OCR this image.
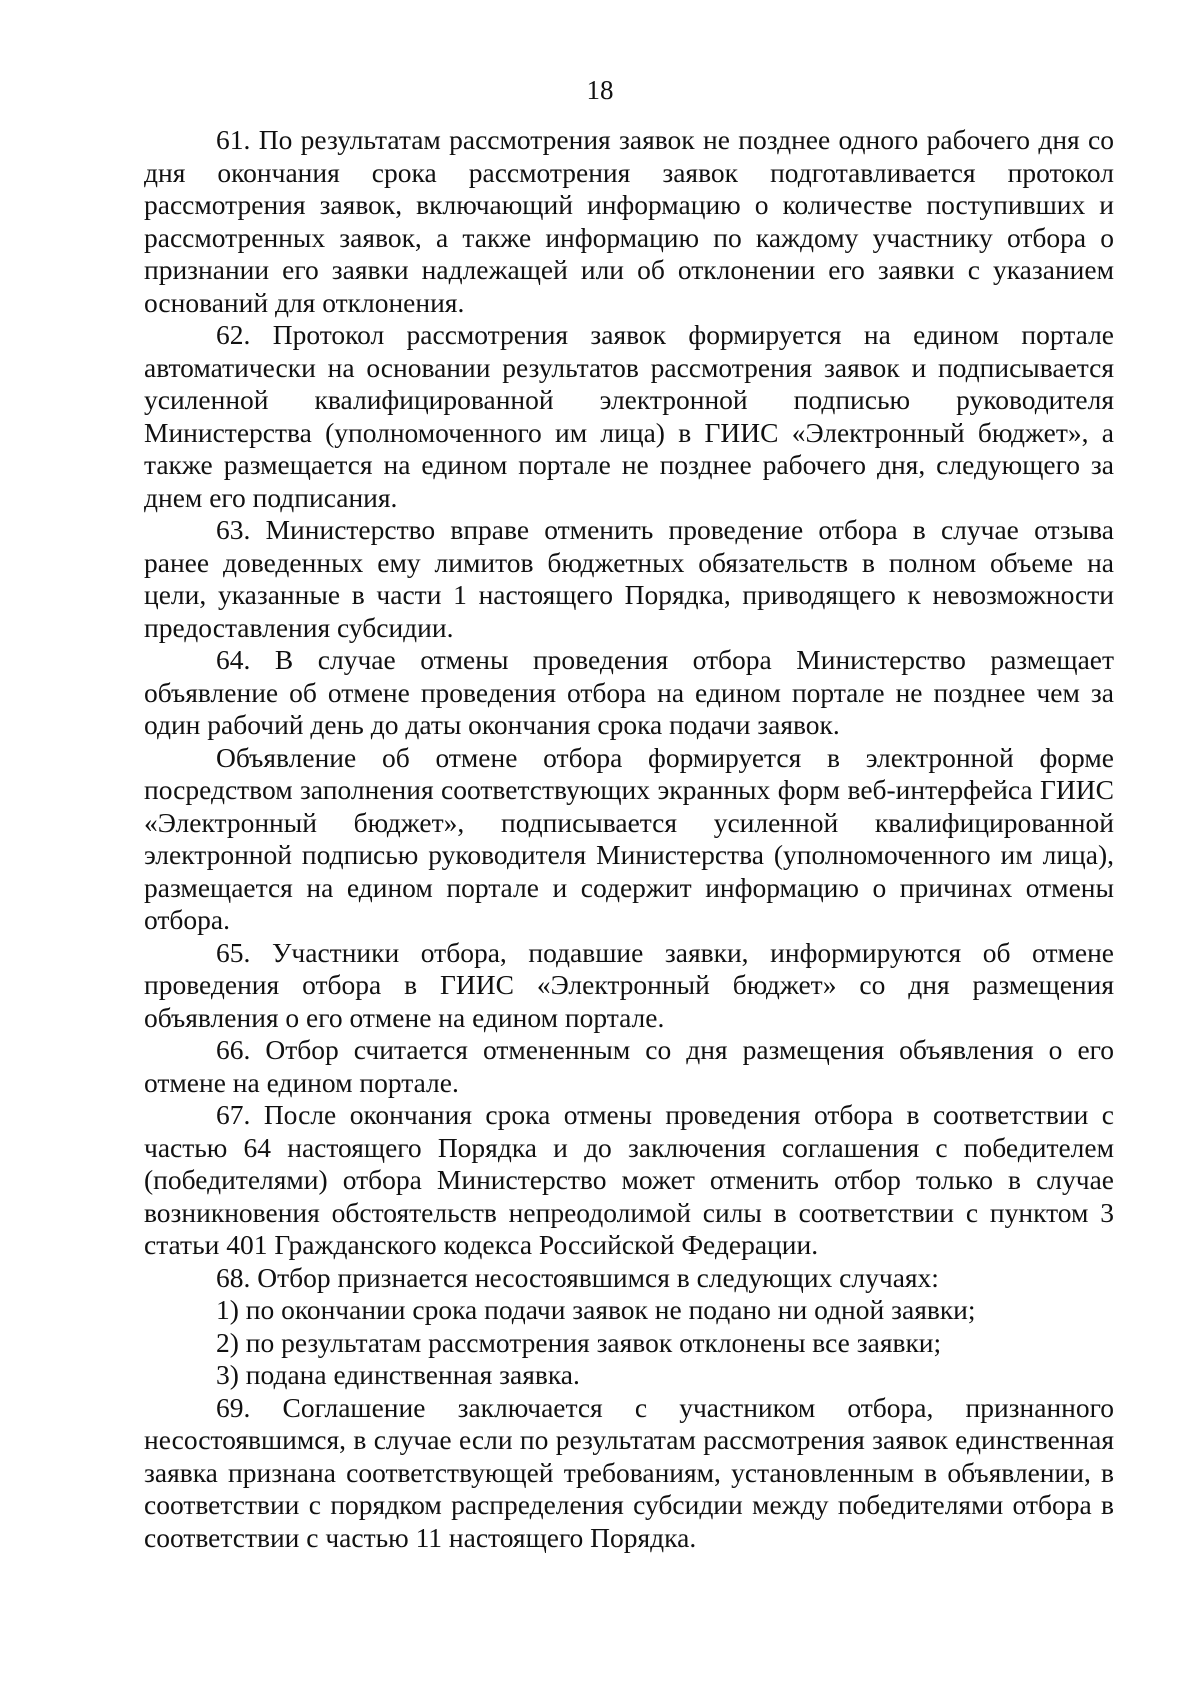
18

61. По результатам рассмотрения заявок не позднее одного рабочего дня со дня окончания срока рассмотрения заявок подготавливается протокол рассмотрения заявок, включающий информацию о количестве поступивших и рассмотренных заявок, а также информацию по каждому участнику отбора о признании его заявки надлежащей или об отклонении его заявки с указанием оснований для отклонения.

62. Протокол рассмотрения заявок формируется на едином портале автоматически на основании результатов рассмотрения заявок и подписывается усиленной квалифицированной электронной подписью руководителя Министерства (уполномоченного им лица) в ГИИС «Электронный бюджет», а также размещается на едином портале не позднее рабочего дня, следующего за днем его подписания.

63. Министерство вправе отменить проведение отбора в случае отзыва ранее доведенных ему лимитов бюджетных обязательств в полном объеме на цели, указанные в части 1 настоящего Порядка, приводящего к невозможности предоставления субсидии.

64. В случае отмены проведения отбора Министерство размещает объявление об отмене проведения отбора на едином портале не позднее чем за один рабочий день до даты окончания срока подачи заявок.

Объявление об отмене отбора формируется в электронной форме посредством заполнения соответствующих экранных форм веб-интерфейса ГИИС «Электронный бюджет», подписывается усиленной квалифицированной электронной подписью руководителя Министерства (уполномоченного им лица), размещается на едином портале и содержит информацию о причинах отмены отбора.

65. Участники отбора, подавшие заявки, информируются об отмене проведения отбора в ГИИС «Электронный бюджет» со дня размещения объявления о его отмене на едином портале.

66. Отбор считается отмененным со дня размещения объявления о его отмене на едином портале.

67. После окончания срока отмены проведения отбора в соответствии с частью 64 настоящего Порядка и до заключения соглашения с победителем (победителями) отбора Министерство может отменить отбор только в случае возникновения обстоятельств непреодолимой силы в соответствии с пунктом 3 статьи 401 Гражданского кодекса Российской Федерации.

68. Отбор признается несостоявшимся в следующих случаях:

1) по окончании срока подачи заявок не подано ни одной заявки;

2) по результатам рассмотрения заявок отклонены все заявки;

3) подана единственная заявка.

69. Соглашение заключается с участником отбора, признанного несостоявшимся, в случае если по результатам рассмотрения заявок единственная заявка признана соответствующей требованиям, установленным в объявлении, в соответствии с порядком распределения субсидии между победителями отбора в соответствии с частью 11 настоящего Порядка.
